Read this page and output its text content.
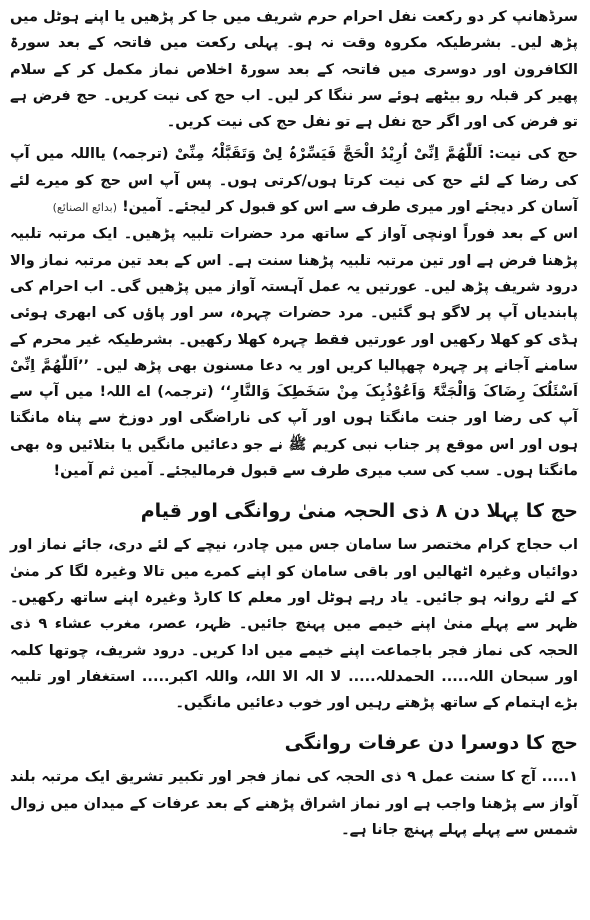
سرڈھانپ کر دو رکعت نفل احرام حرم شریف میں جا کر پڑھیں یا اپنے ہوٹل میں پڑھ لیں۔ بشرطیکہ مکروہ وقت نہ ہو۔ پہلی رکعت میں فاتحہ کے بعد سورۃ الکافرون اور دوسری میں فاتحہ کے بعد سورۃ اخلاص نماز مکمل کر کے سلام پھیر کر قبلہ رو بیٹھے ہوئے سر ننگا کر لیں۔ اب حج کی نیت کریں۔ حج فرض ہے تو فرض کی اور اگر حج نفل ہے تو نفل حج کی نیت کریں۔

حج کی نیت: اَللّٰھُمَّ اِنِّیْ اُرِیْدُ الْحَجَّ فَیَسِّرْہُ لِیْ وَتَقَبَّلْہُ مِنِّیْ (ترجمہ) یااللہ میں آپ کی رضا کے لئے حج کی نیت کرتا ہوں/کرتی ہوں۔ پس آپ اس حج کو میرے لئے آسان کر دیجئے اور میری طرف سے اس کو قبول کر لیجئے۔ آمین! (بدائع الصنائع)

اس کے بعد فوراً اونچی آواز کے ساتھ مرد حضرات تلبیہ پڑھیں۔ ایک مرتبہ تلبیہ پڑھنا فرض ہے اور تین مرتبہ تلبیہ پڑھنا سنت ہے۔ اس کے بعد تین مرتبہ نماز والا درود شریف پڑھ لیں۔ عورتیں یہ عمل آہستہ آواز میں پڑھیں گی۔ اب احرام کی پابندیاں آپ پر لاگو ہو گئیں۔ مرد حضرات چہرہ، سر اور پاؤں کی ابھری ہوئی ہڈی کو کھلا رکھیں اور عورتیں فقط چہرہ کھلا رکھیں۔ بشرطیکہ غیر محرم کے سامنے آجانے پر چہرہ چھپالیا کریں اور یہ دعا مسنون بھی پڑھ لیں۔ ’’اَللّٰھُمَّ اِنِّیْ اَسْئَلُکَ رِضَاکَ وَالْجَنَّۃَ وَاَعُوْذُبِکَ مِنْ سَخَطِکَ وَالنَّارِ‘‘ (ترجمہ) اے اللہ! میں آپ سے آپ کی رضا اور جنت مانگتا ہوں اور آپ کی ناراضگی اور دوزخ سے پناہ مانگتا ہوں اور اس موقع پر جناب نبی کریم ﷺ نے جو دعائیں مانگیں یا بتلائیں وہ بھی مانگتا ہوں۔ سب کی سب میری طرف سے قبول فرمالیجئے۔ آمین ثم آمین!

حج کا پہلا دن ۸ ذی الحجہ منیٰ روانگی اور قیام

اب حجاج کرام مختصر سا سامان جس میں چادر، نیچے کے لئے دری، جائے نماز اور دوائیاں وغیرہ اٹھالیں اور باقی سامان کو اپنے کمرے میں تالا وغیرہ لگا کر منیٰ کے لئے روانہ ہو جائیں۔ یاد رہے ہوٹل اور معلم کا کارڈ وغیرہ اپنے ساتھ رکھیں۔ ظہر سے پہلے منیٰ اپنے خیمے میں پہنچ جائیں۔ ظہر، عصر، مغرب عشاء ۹ ذی الحجہ کی نماز فجر باجماعت اپنے خیمے میں ادا کریں۔ درود شریف، چوتھا کلمہ اور سبحان اللہ..... الحمدللہ..... لا الہ الا اللہ، واللہ اکبر..... استغفار اور تلبیہ بڑے اہتمام کے ساتھ پڑھتے رہیں اور خوب دعائیں مانگیں۔

حج کا دوسرا دن عرفات روانگی

۱..... آج کا سنت عمل ۹ ذی الحجہ کی نماز فجر اور تکبیر تشریق ایک مرتبہ بلند آواز سے پڑھنا واجب ہے اور نماز اشراق پڑھنے کے بعد عرفات کے میدان میں زوال شمس سے پہلے پہلے پہنچ جانا ہے۔
